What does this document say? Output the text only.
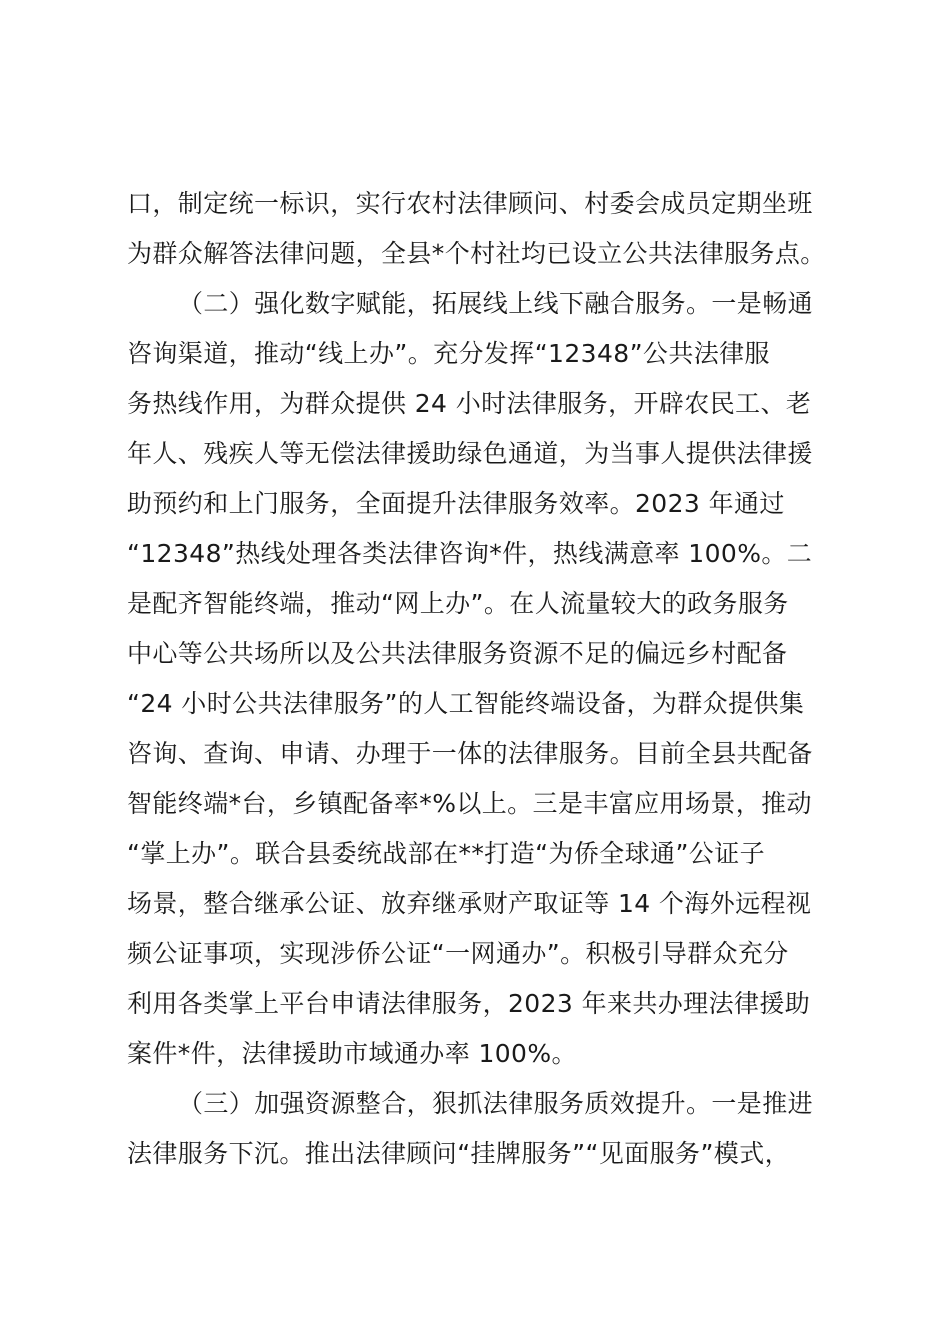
口，制定统一标识，实行农村法律顾问、村委会成员定期坐班
为群众解答法律问题，全县*个村社均已设立公共法律服务点。
（二）强化数字赋能，拓展线上线下融合服务。一是畅通
咨询渠道，推动“线上办”。充分发挥“12348”公共法律服
务热线作用，为群众提供 24 小时法律服务，开辟农民工、老
年人、残疾人等无偿法律援助绿色通道，为当事人提供法律援
助预约和上门服务，全面提升法律服务效率。2023 年通过
“12348”热线处理各类法律咨询*件，热线满意率 100%。二
是配齐智能终端，推动“网上办”。在人流量较大的政务服务
中心等公共场所以及公共法律服务资源不足的偏远乡村配备
“24 小时公共法律服务”的人工智能终端设备，为群众提供集
咨询、查询、申请、办理于一体的法律服务。目前全县共配备
智能终端*台，乡镇配备率*%以上。三是丰富应用场景，推动
“掌上办”。联合县委统战部在**打造“为侨全球通”公证子
场景，整合继承公证、放弃继承财产取证等 14 个海外远程视
频公证事项，实现涉侨公证“一网通办”。积极引导群众充分
利用各类掌上平台申请法律服务，2023 年来共办理法律援助
案件*件，法律援助市域通办率 100%。
（三）加强资源整合，狠抓法律服务质效提升。一是推进
法律服务下沉。推出法律顾问“挂牌服务”“见面服务”模式，
